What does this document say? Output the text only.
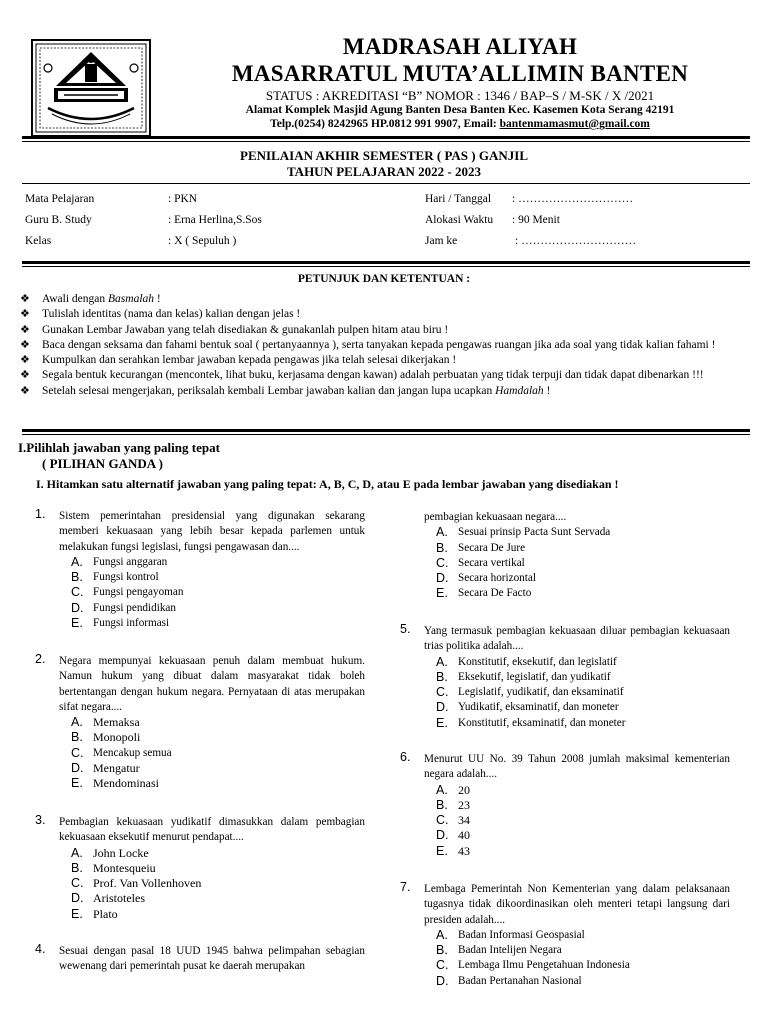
MADRASAH ALIYAH
MASARRATUL MUTA’ALLIMIN BANTEN
STATUS : AKREDITASI “B” NOMOR : 1346 / BAP–S / M-SK / X /2021
Alamat Komplek Masjid Agung Banten Desa Banten Kec. Kasemen Kota Serang 42191
Telp.(0254) 8242965 HP.0812 991 9907, Email: bantenmamasmut@gmail.com
PENILAIAN AKHIR SEMESTER ( PAS ) GANJIL
TAHUN PELAJARAN 2022 - 2023
Mata Pelajaran	: PKN
Guru B. Study	: Erna Herlina,S.Sos
Kelas	: X ( Sepuluh )
Hari / Tanggal : …………………………
Alokasi Waktu : 90 Menit
Jam ke	: …………………………
PETUNJUK DAN KETENTUAN :
❖ Awali dengan Basmalah !
❖ Tulislah identitas (nama dan kelas) kalian dengan jelas !
❖ Gunakan Lembar Jawaban yang telah disediakan & gunakanlah pulpen hitam atau biru !
❖ Baca dengan seksama dan fahami bentuk soal ( pertanyaannya ), serta tanyakan kepada pengawas ruangan jika ada soal yang tidak kalian fahami !
❖ Kumpulkan dan serahkan lembar jawaban kepada pengawas jika telah selesai dikerjakan !
❖ Segala bentuk kecurangan (mencontek, lihat buku, kerjasama dengan kawan) adalah perbuatan yang tidak terpuji dan tidak dapat dibenarkan !!!
❖ Setelah selesai mengerjakan, periksalah kembali Lembar jawaban kalian dan jangan lupa ucapkan Hamdalah !
I.Pilihlah jawaban yang paling tepat
( PILIHAN GANDA )
I. Hitamkan satu alternatif jawaban yang paling tepat: A, B, C, D, atau E pada lembar jawaban yang disediakan !
1. Sistem pemerintahan presidensial yang digunakan sekarang memberi kekuasaan yang lebih besar kepada parlemen untuk melakukan fungsi legislasi, fungsi pengawasan dan....
A. Fungsi anggaran
B. Fungsi kontrol
C. Fungsi pengayoman
D. Fungsi pendidikan
E. Fungsi informasi
2. Negara mempunyai kekuasaan penuh dalam membuat hukum. Namun hukum yang dibuat dalam masyarakat tidak boleh bertentangan dengan hukum negara. Pernyataan di atas merupakan sifat negara....
A. Memaksa
B. Monopoli
C. Mencakup semua
D. Mengatur
E. Mendominasi
3. Pembagian kekuasaan yudikatif dimasukkan dalam pembagian kekuasaan eksekutif menurut pendapat....
A. John Locke
B. Montesqueiu
C. Prof. Van Vollenhoven
D. Aristoteles
E. Plato
4. Sesuai dengan pasal 18 UUD 1945 bahwa pelimpahan sebagian wewenang dari pemerintah pusat ke daerah merupakan
pembagian kekuasaan negara....
A. Sesuai prinsip Pacta Sunt Servada
B. Secara De Jure
C. Secara vertikal
D. Secara horizontal
E. Secara De Facto
5. Yang termasuk pembagian kekuasaan diluar pembagian kekuasaan trias politika adalah....
A. Konstitutif, eksekutif, dan legislatif
B. Eksekutif, legislatif, dan yudikatif
C. Legislatif, yudikatif, dan eksaminatif
D. Yudikatif, eksaminatif, dan moneter
E. Konstitutif, eksaminatif, dan moneter
6. Menurut UU No. 39 Tahun 2008 jumlah maksimal kementerian negara adalah....
A. 20
B. 23
C. 34
D. 40
E. 43
7. Lembaga Pemerintah Non Kementerian yang dalam pelaksanaan tugasnya tidak dikoordinasikan oleh menteri tetapi langsung dari presiden adalah....
A. Badan Informasi Geospasial
B. Badan Intelijen Negara
C. Lembaga Ilmu Pengetahuan Indonesia
D. Badan Pertanahan Nasional
